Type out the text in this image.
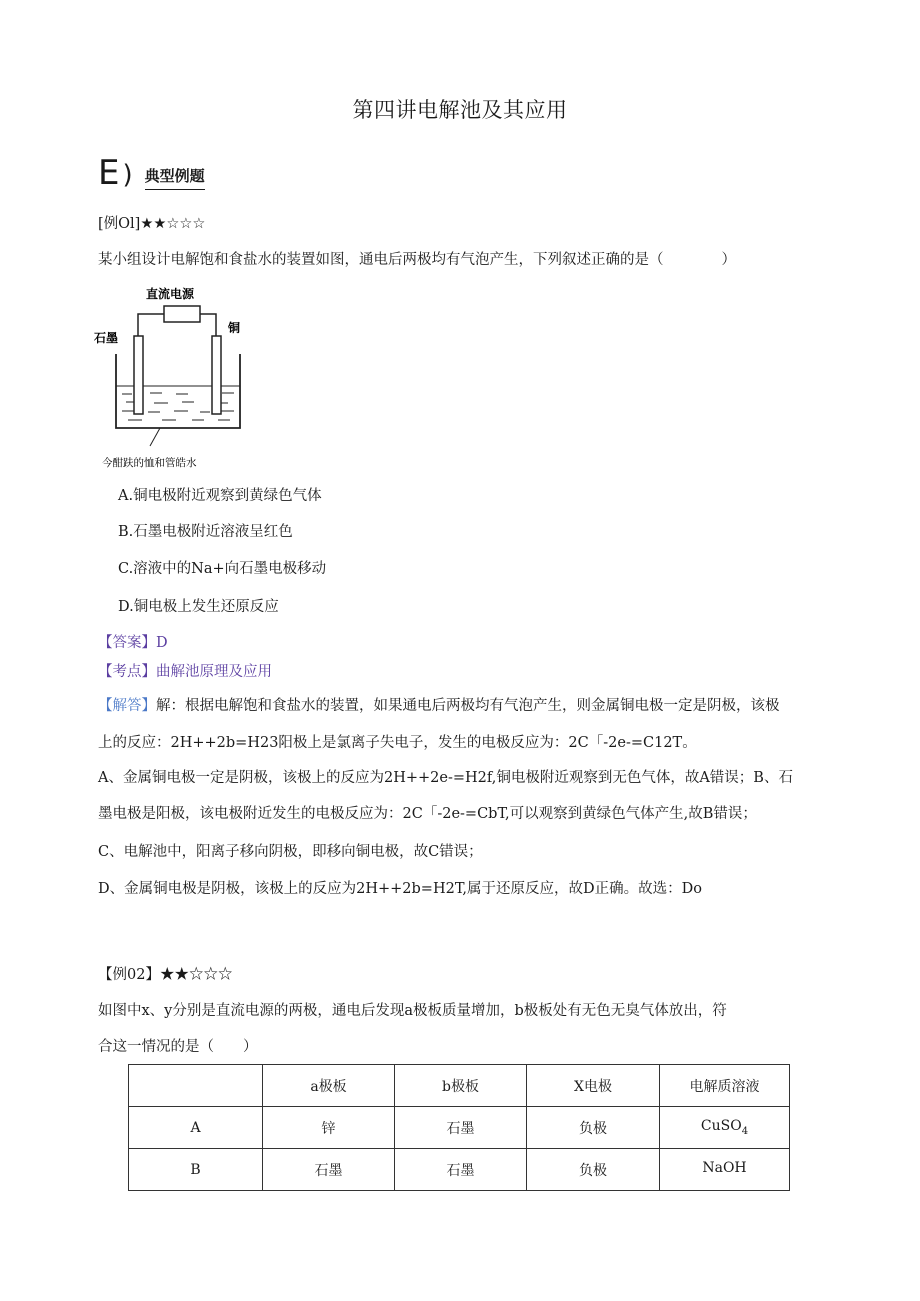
第四讲电解池及其应用
E ) 典型例题
[例Ol]★★☆☆☆
某小组设计电解饱和食盐水的装置如图，通电后两极均有气泡产生，下列叙述正确的是（　　　　）
直流电源
石墨
铜
今酣趺的恤和管皓水
A.铜电极附近观察到黄绿色气体
B.石墨电极附近溶液呈红色
C.溶液中的Na+向石墨电极移动
D.铜电极上发生还原反应
【答案】D
【考点】曲解池原理及应用
【解答】解：根据电解饱和食盐水的装置，如果通电后两极均有气泡产生，则金属铜电极一定是阴极，该极
上的反应：2H++2b=H23阳极上是氯离子失电子，发生的电极反应为：2C「-2e-=C12T。
A、金属铜电极一定是阴极，该极上的反应为2H++2e-=H2f,铜电极附近观察到无色气体，故A错误；B、石
墨电极是阳极，该电极附近发生的电极反应为：2C「-2e-=CbT,可以观察到黄绿色气体产生,故B错误；
C、电解池中，阳离子移向阴极，即移向铜电极，故C错误；
D、金属铜电极是阴极，该极上的反应为2H++2b=H2T,属于还原反应，故D正确。故选：Do
【例02】★★☆☆☆
如图中x、y分别是直流电源的两极，通电后发现a极板质量增加，b极板处有无色无臭气体放出，符
合这一情况的是（　　）
	a极板	b极板	X电极	电解质溶液
A	锌	石墨	负极	CuSO$_4$
B	石墨	石墨	负极	NaOH
